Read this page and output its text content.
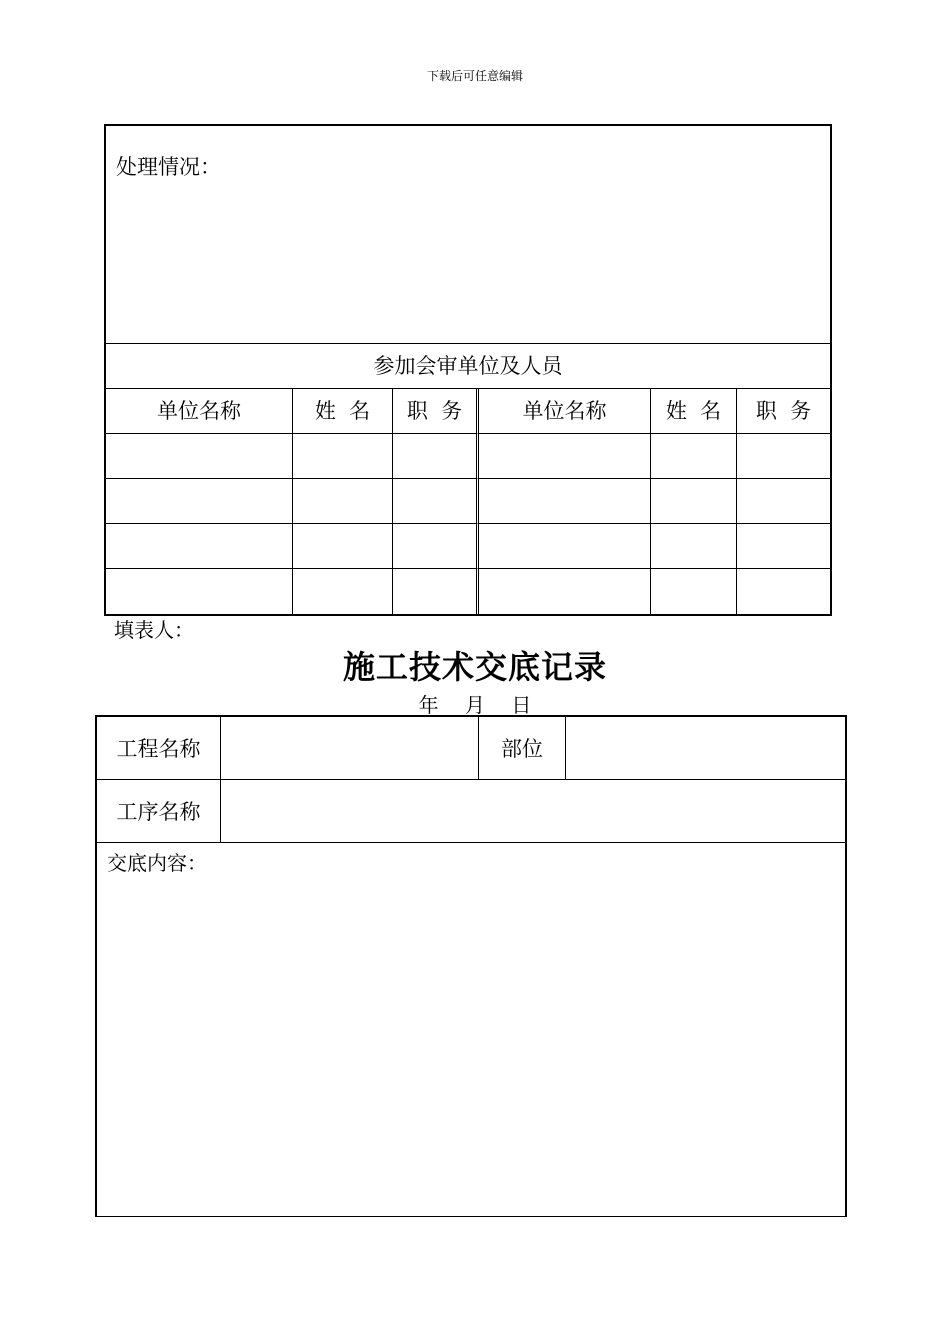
下载后可任意编辑
处理情况：
参加会审单位及人员
单位名称	姓  名	职  务	单位名称	姓  名	职  务
填表人：
施工技术交底记录
年 月 日
工程名称	部位
工序名称
交底内容：
